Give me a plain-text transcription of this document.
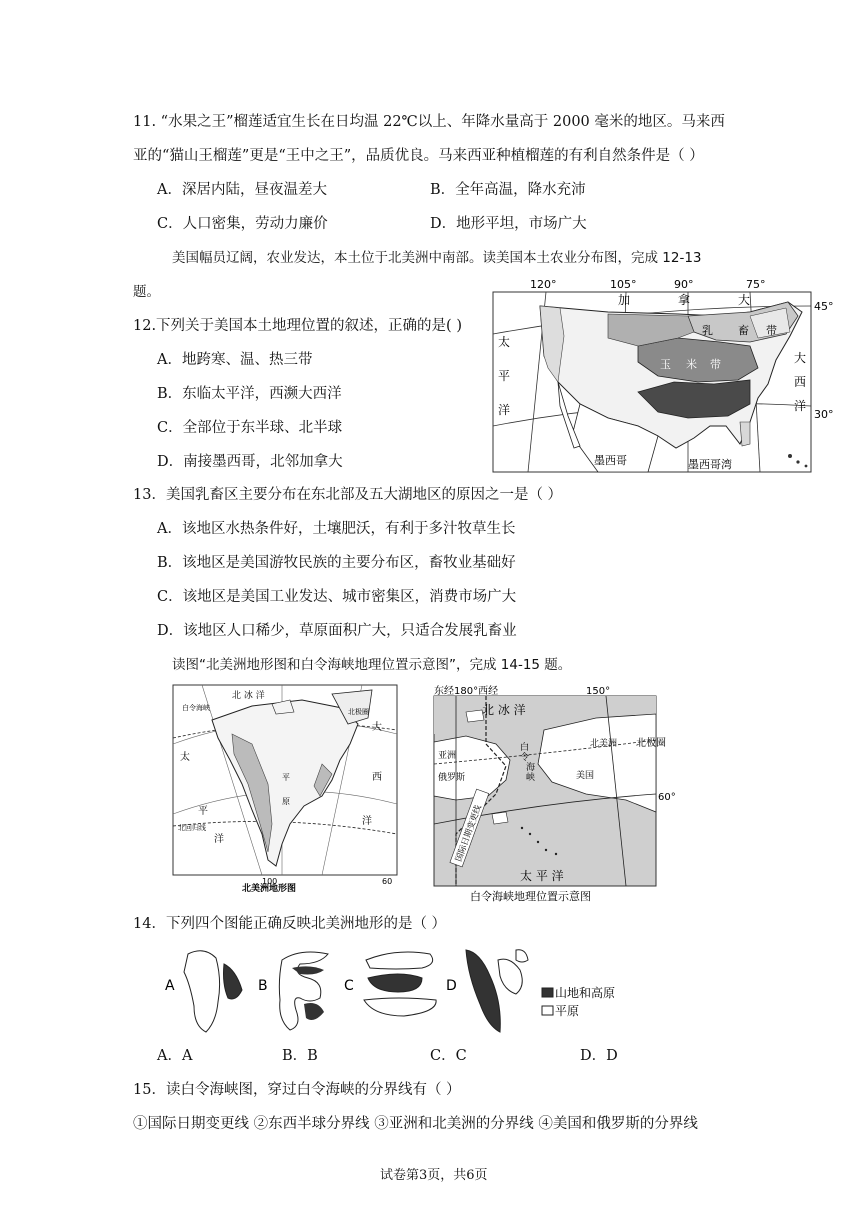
11. “水果之王”榴莲适宜生长在日均温 22℃以上、年降水量高于 2000 毫米的地区。马来西
亚的“猫山王榴莲”更是“王中之王”，品质优良。马来西亚种植榴莲的有利自然条件是（ ）
A．深居内陆，昼夜温差大	B．全年高温，降水充沛
C．人口密集，劳动力廉价	D．地形平坦，市场广大
美国幅员辽阔，农业发达，本土位于北美洲中南部。读美国本土农业分布图，完成 12-13
题。
12.下列关于美国本土地理位置的叙述，正确的是( )
A．地跨寒、温、热三带
B．东临太平洋，西濒大西洋
C．全部位于东半球、北半球
D．南接墨西哥，北邻加拿大
120°	105°	90°	75°
45°
30°
加	拿	大
太
平
洋
大
西
洋
乳 畜 带
玉 米 带
墨西哥	墨西哥湾
13．美国乳畜区主要分布在东北部及五大湖地区的原因之一是（ ）
A．该地区水热条件好，土壤肥沃，有利于多汁牧草生长
B．该地区是美国游牧民族的主要分布区，畜牧业基础好
C．该地区是美国工业发达、城市密集区，消费市场广大
D．该地区人口稀少，草原面积广大，只适合发展乳畜业
读图“北美洲地形图和白令海峡地理位置示意图”，完成 14-15 题。
北 冰 洋
白令海峡
太
平
洋
大
西
洋
北极圈
北回归线
平
原
100	60
北美洲地形图
东经180°西经	150°
北 冰 洋
亚洲
俄罗斯
北美洲
美国
白
令
海
峡
北极圈
60°
太 平 洋
国际日期变更线
白令海峡地理位置示意图
14．下列四个图能正确反映北美洲地形的是（ ）
A	B	C	D	山地和高原
平原
A．A	B．B	C．C	D．D
15．读白令海峡图，穿过白令海峡的分界线有（ ）
①国际日期变更线 ②东西半球分界线 ③亚洲和北美洲的分界线 ④美国和俄罗斯的分界线
试卷第3页，共6页
